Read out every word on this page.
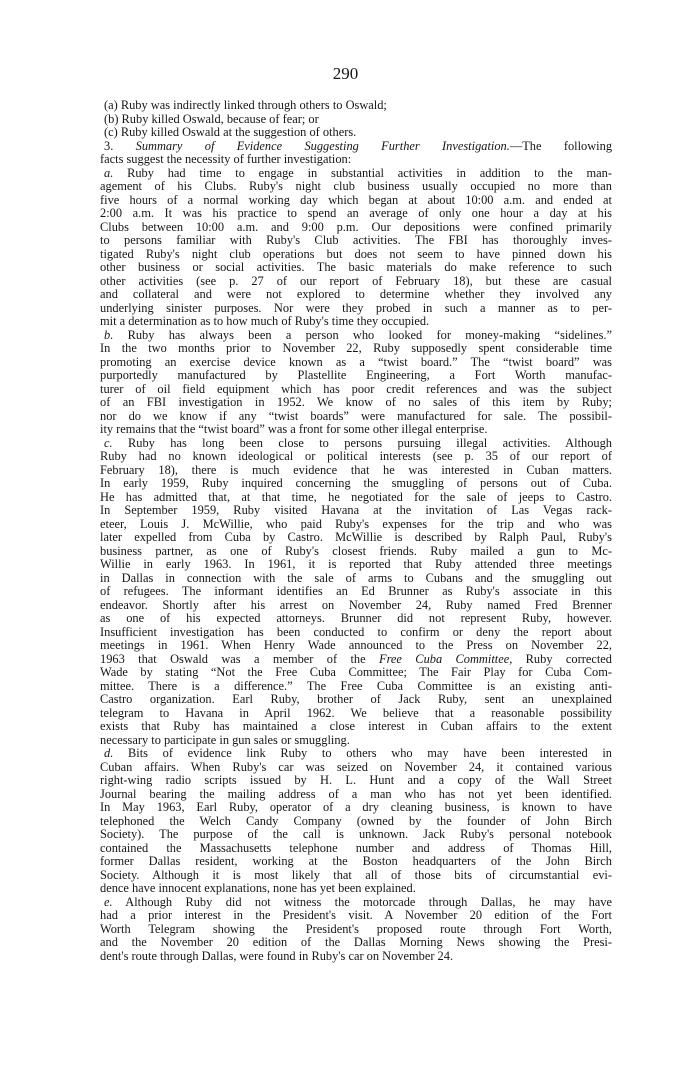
290
(a) Ruby was indirectly linked through others to Oswald;
(b) Ruby killed Oswald, because of fear; or
(c) Ruby killed Oswald at the suggestion of others.
3. Summary of Evidence Suggesting Further Investigation.—The following
facts suggest the necessity of further investigation:
a. Ruby had time to engage in substantial activities in addition to the man-
agement of his Clubs. Ruby's night club business usually occupied no more than
five hours of a normal working day which began at about 10:00 a.m. and ended at
2:00 a.m. It was his practice to spend an average of only one hour a day at his
Clubs between 10:00 a.m. and 9:00 p.m. Our depositions were confined primarily
to persons familiar with Ruby's Club activities. The FBI has thoroughly inves-
tigated Ruby's night club operations but does not seem to have pinned down his
other business or social activities. The basic materials do make reference to such
other activities (see p. 27 of our report of February 18), but these are casual
and collateral and were not explored to determine whether they involved any
underlying sinister purposes. Nor were they probed in such a manner as to per-
mit a determination as to how much of Ruby's time they occupied.
b. Ruby has always been a person who looked for money-making “sidelines.”
In the two months prior to November 22, Ruby supposedly spent considerable time
promoting an exercise device known as a “twist board.” The “twist board” was
purportedly manufactured by Plastellite Engineering, a Fort Worth manufac-
turer of oil field equipment which has poor credit references and was the subject
of an FBI investigation in 1952. We know of no sales of this item by Ruby;
nor do we know if any “twist boards” were manufactured for sale. The possibil-
ity remains that the “twist board” was a front for some other illegal enterprise.
c. Ruby has long been close to persons pursuing illegal activities. Although
Ruby had no known ideological or political interests (see p. 35 of our report of
February 18), there is much evidence that he was interested in Cuban matters.
In early 1959, Ruby inquired concerning the smuggling of persons out of Cuba.
He has admitted that, at that time, he negotiated for the sale of jeeps to Castro.
In September 1959, Ruby visited Havana at the invitation of Las Vegas rack-
eteer, Louis J. McWillie, who paid Ruby's expenses for the trip and who was
later expelled from Cuba by Castro. McWillie is described by Ralph Paul, Ruby's
business partner, as one of Ruby's closest friends. Ruby mailed a gun to Mc-
Willie in early 1963. In 1961, it is reported that Ruby attended three meetings
in Dallas in connection with the sale of arms to Cubans and the smuggling out
of refugees. The informant identifies an Ed Brunner as Ruby's associate in this
endeavor. Shortly after his arrest on November 24, Ruby named Fred Brenner
as one of his expected attorneys. Brunner did not represent Ruby, however.
Insufficient investigation has been conducted to confirm or deny the report about
meetings in 1961. When Henry Wade announced to the Press on November 22,
1963 that Oswald was a member of the Free Cuba Committee, Ruby corrected
Wade by stating “Not the Free Cuba Committee; The Fair Play for Cuba Com-
mittee. There is a difference.” The Free Cuba Committee is an existing anti-
Castro organization. Earl Ruby, brother of Jack Ruby, sent an unexplained
telegram to Havana in April 1962. We believe that a reasonable possibility
exists that Ruby has maintained a close interest in Cuban affairs to the extent
necessary to participate in gun sales or smuggling.
d. Bits of evidence link Ruby to others who may have been interested in
Cuban affairs. When Ruby's car was seized on November 24, it contained various
right-wing radio scripts issued by H. L. Hunt and a copy of the Wall Street
Journal bearing the mailing address of a man who has not yet been identified.
In May 1963, Earl Ruby, operator of a dry cleaning business, is known to have
telephoned the Welch Candy Company (owned by the founder of John Birch
Society). The purpose of the call is unknown. Jack Ruby's personal notebook
contained the Massachusetts telephone number and address of Thomas Hill,
former Dallas resident, working at the Boston headquarters of the John Birch
Society. Although it is most likely that all of those bits of circumstantial evi-
dence have innocent explanations, none has yet been explained.
e. Although Ruby did not witness the motorcade through Dallas, he may have
had a prior interest in the President's visit. A November 20 edition of the Fort
Worth Telegram showing the President's proposed route through Fort Worth,
and the November 20 edition of the Dallas Morning News showing the Presi-
dent's route through Dallas, were found in Ruby's car on November 24.
